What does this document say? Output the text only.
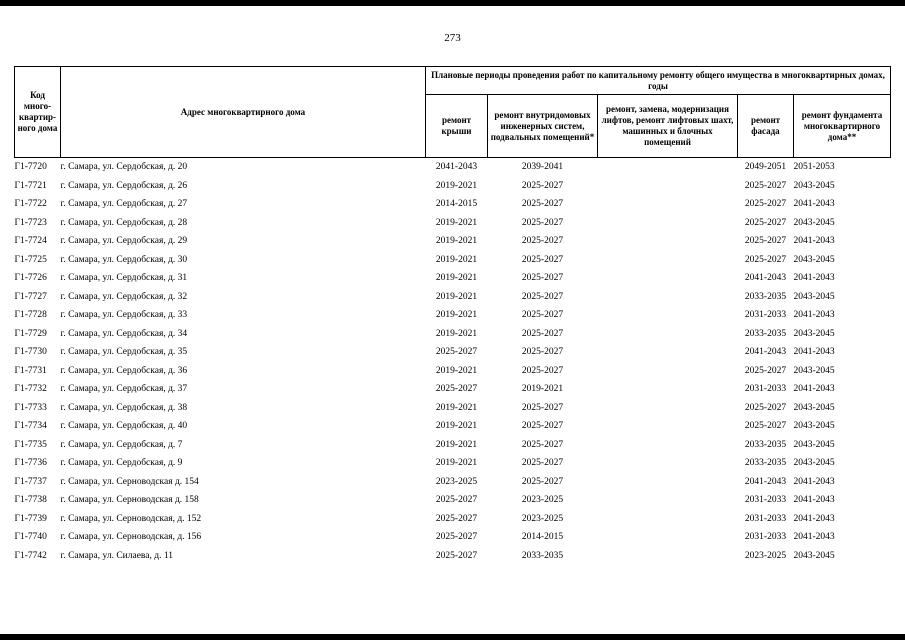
273
Код много-квартир-ного дома	Адрес многоквартирного дома	Плановые периоды проведения работ по капитальному ремонту общего имущества в многоквартирных домах, годы				
		ремонт крыши	ремонт внутридомовых инженерных систем, подвальных помещений*	ремонт, замена, модернизация лифтов, ремонт лифтовых шахт, машинных и блочных помещений	ремонт фасада	ремонт фундамента многоквартирного дома**
Г1-7720	г. Самара, ул. Сердобская, д. 20	2041-2043	2039-2041		2049-2051	2051-2053
Г1-7721	г. Самара, ул. Сердобская, д. 26	2019-2021	2025-2027		2025-2027	2043-2045
Г1-7722	г. Самара, ул. Сердобская, д. 27	2014-2015	2025-2027		2025-2027	2041-2043
Г1-7723	г. Самара, ул. Сердобская, д. 28	2019-2021	2025-2027		2025-2027	2043-2045
Г1-7724	г. Самара, ул. Сердобская, д. 29	2019-2021	2025-2027		2025-2027	2041-2043
Г1-7725	г. Самара, ул. Сердобская, д. 30	2019-2021	2025-2027		2025-2027	2043-2045
Г1-7726	г. Самара, ул. Сердобская, д. 31	2019-2021	2025-2027		2041-2043	2041-2043
Г1-7727	г. Самара, ул. Сердобская, д. 32	2019-2021	2025-2027		2033-2035	2043-2045
Г1-7728	г. Самара, ул. Сердобская, д. 33	2019-2021	2025-2027		2031-2033	2041-2043
Г1-7729	г. Самара, ул. Сердобская, д. 34	2019-2021	2025-2027		2033-2035	2043-2045
Г1-7730	г. Самара, ул. Сердобская, д. 35	2025-2027	2025-2027		2041-2043	2041-2043
Г1-7731	г. Самара, ул. Сердобская, д. 36	2019-2021	2025-2027		2025-2027	2043-2045
Г1-7732	г. Самара, ул. Сердобская, д. 37	2025-2027	2019-2021		2031-2033	2041-2043
Г1-7733	г. Самара, ул. Сердобская, д. 38	2019-2021	2025-2027		2025-2027	2043-2045
Г1-7734	г. Самара, ул. Сердобская, д. 40	2019-2021	2025-2027		2025-2027	2043-2045
Г1-7735	г. Самара, ул. Сердобская, д. 7	2019-2021	2025-2027		2033-2035	2043-2045
Г1-7736	г. Самара, ул. Сердобская, д. 9	2019-2021	2025-2027		2033-2035	2043-2045
Г1-7737	г. Самара, ул. Серноводская д. 154	2023-2025	2025-2027		2041-2043	2041-2043
Г1-7738	г. Самара, ул. Серноводская д. 158	2025-2027	2023-2025		2031-2033	2041-2043
Г1-7739	г. Самара, ул. Серноводская, д. 152	2025-2027	2023-2025		2031-2033	2041-2043
Г1-7740	г. Самара, ул. Серноводская, д. 156	2025-2027	2014-2015		2031-2033	2041-2043
Г1-7742	г. Самара, ул. Силаева, д. 11	2025-2027	2033-2035		2023-2025	2043-2045
